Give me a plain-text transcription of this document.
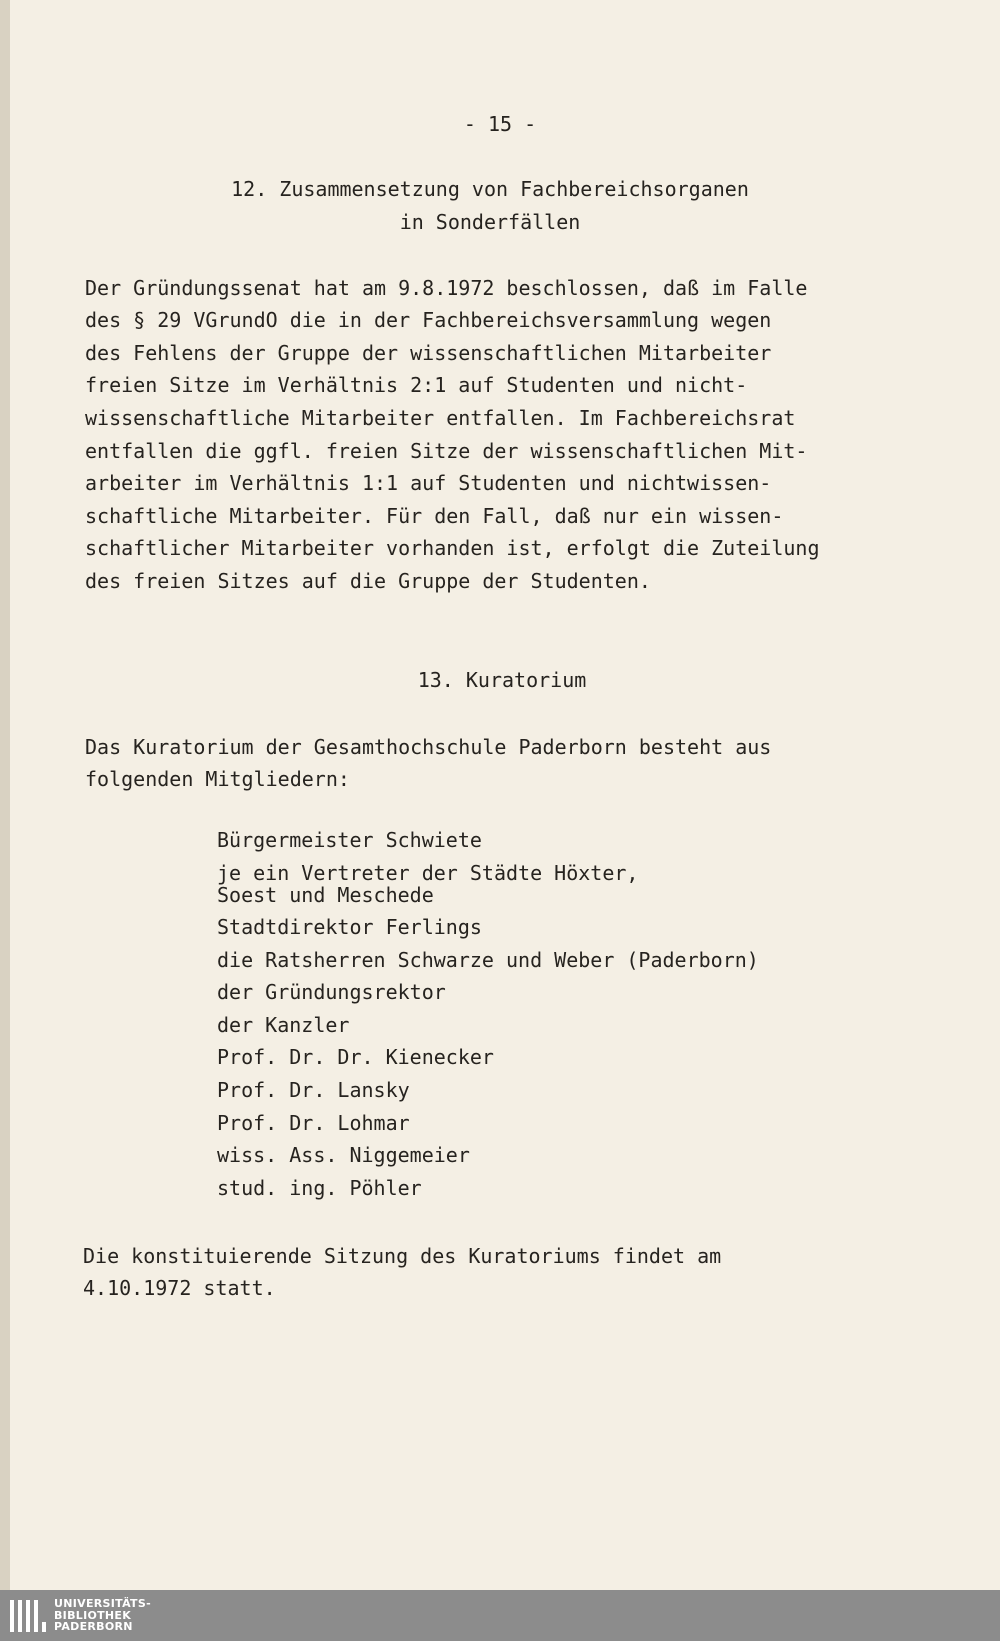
- 15 -
12. Zusammensetzung von Fachbereichsorganen
in Sonderfällen
Der Gründungssenat hat am 9.8.1972 beschlossen, daß im Falle
des § 29 VGrundO die in der Fachbereichsversammlung wegen
des Fehlens der Gruppe der wissenschaftlichen Mitarbeiter
freien Sitze im Verhältnis 2:1 auf Studenten und nicht-
wissenschaftliche Mitarbeiter entfallen. Im Fachbereichsrat
entfallen die ggfl. freien Sitze der wissenschaftlichen Mit-
arbeiter im Verhältnis 1:1 auf Studenten und nichtwissen-
schaftliche Mitarbeiter. Für den Fall, daß nur ein wissen-
schaftlicher Mitarbeiter vorhanden ist, erfolgt die Zuteilung
des freien Sitzes auf die Gruppe der Studenten.
13. Kuratorium
Das Kuratorium der Gesamthochschule Paderborn besteht aus
folgenden Mitgliedern:
Bürgermeister Schwiete
je ein Vertreter der Städte Höxter,
Soest und Meschede
Stadtdirektor Ferlings
die Ratsherren Schwarze und Weber (Paderborn)
der Gründungsrektor
der Kanzler
Prof. Dr. Dr. Kienecker
Prof. Dr. Lansky
Prof. Dr. Lohmar
wiss. Ass. Niggemeier
stud. ing. Pöhler
Die konstituierende Sitzung des Kuratoriums findet am
4.10.1972 statt.
UNIVERSITÄTS-
BIBLIOTHEK
PADERBORN
